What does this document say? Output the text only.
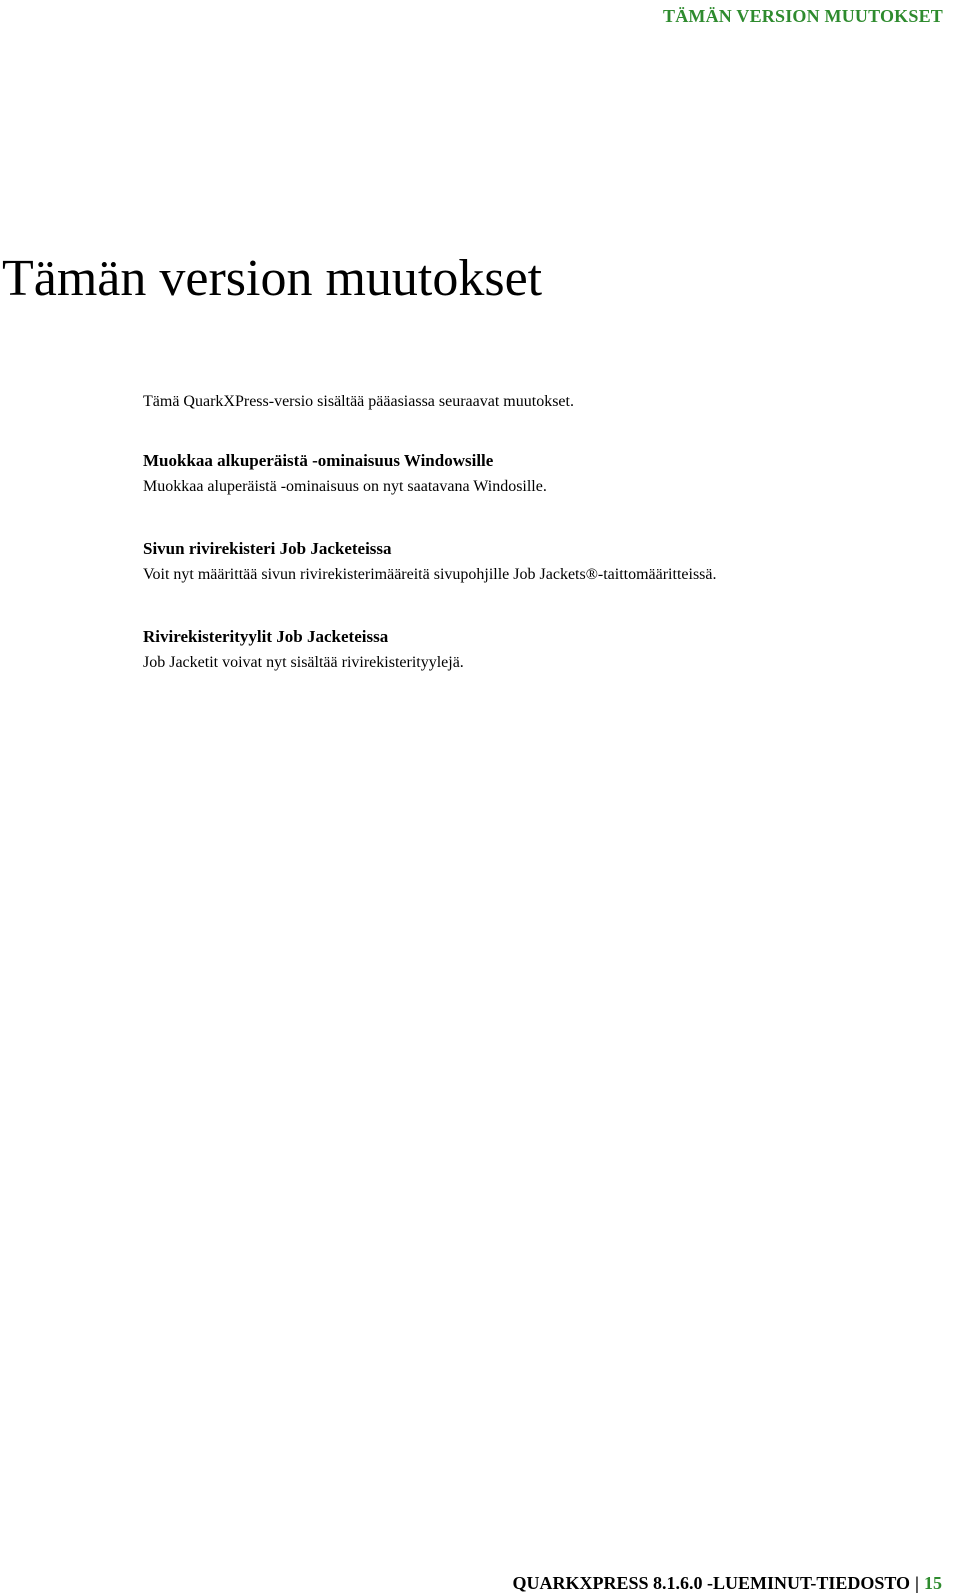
TÄMÄN VERSION MUUTOKSET
Tämän version muutokset

Tämä QuarkXPress-versio sisältää pääasiassa seuraavat muutokset.

Muokkaa alkuperäistä -ominaisuus Windowsille

Muokkaa aluperäistä -ominaisuus on nyt saatavana Windosille.

Sivun rivirekisteri Job Jacketeissa

Voit nyt määrittää sivun rivirekisterimääreitä sivupohjille Job Jackets®-taittomääritteissä.

Rivirekisterityylit Job Jacketeissa

Job Jacketit voivat nyt sisältää rivirekisterityylejä.

QUARKXPRESS 8.1.6.0 -LUEMINUT-TIEDOSTO | 15
